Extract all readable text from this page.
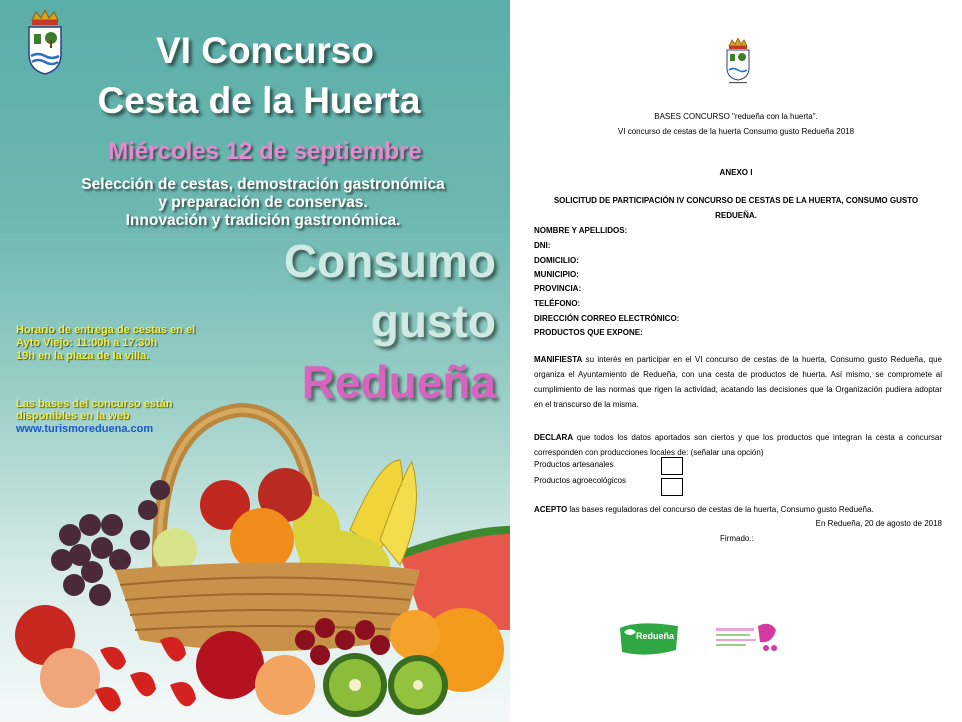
VI Concurso
Cesta de la Huerta
Miércoles 12 de septiembre
Selección de cestas, demostración gastronómica
y preparación de conservas.
Innovación y tradición gastronómica.
Consumo
gusto
Redueña
Horario de entrega de cestas en el
Ayto Viejo: 11:00h a 17:30h
19h en la plaza de la villa.
Las bases del concurso están
disponibles en la web
www.turismoreduena.com
BASES CONCURSO "redueña con la huerta".
VI concurso de cestas de la huerta Consumo gusto Redueña 2018
ANEXO I
SOLICITUD DE PARTICIPACIÓN IV CONCURSO DE CESTAS DE LA HUERTA, CONSUMO GUSTO
REDUEÑA.
NOMBRE Y APELLIDOS:
DNI:
DOMICILIO:
MUNICIPIO:
PROVINCIA:
TELÉFONO:
DIRECCIÓN CORREO ELECTRÓNICO:
PRODUCTOS QUE EXPONE:
MANIFIESTA su interés en participar en el VI concurso de cestas de la huerta, Consumo gusto Redueña, que organiza el Ayuntamiento de Redueña, con una cesta de productos de huerta. Así mismo, se compromete al cumplimiento de las normas que rigen la actividad, acatando las decisiones que la Organización pudiera adoptar en el transcurso de la misma.
DECLARA que todos los datos aportados son ciertos y que los productos que integran la cesta a concursar corresponden con producciones locales de: (señalar una opción)
Productos artesanales
Productos agroecológicos
ACEPTO las bases reguladoras del concurso de cestas de la huerta, Consumo gusto Redueña.
En Redueña, 20 de agosto de 2018
Firmado.:
Redueña
